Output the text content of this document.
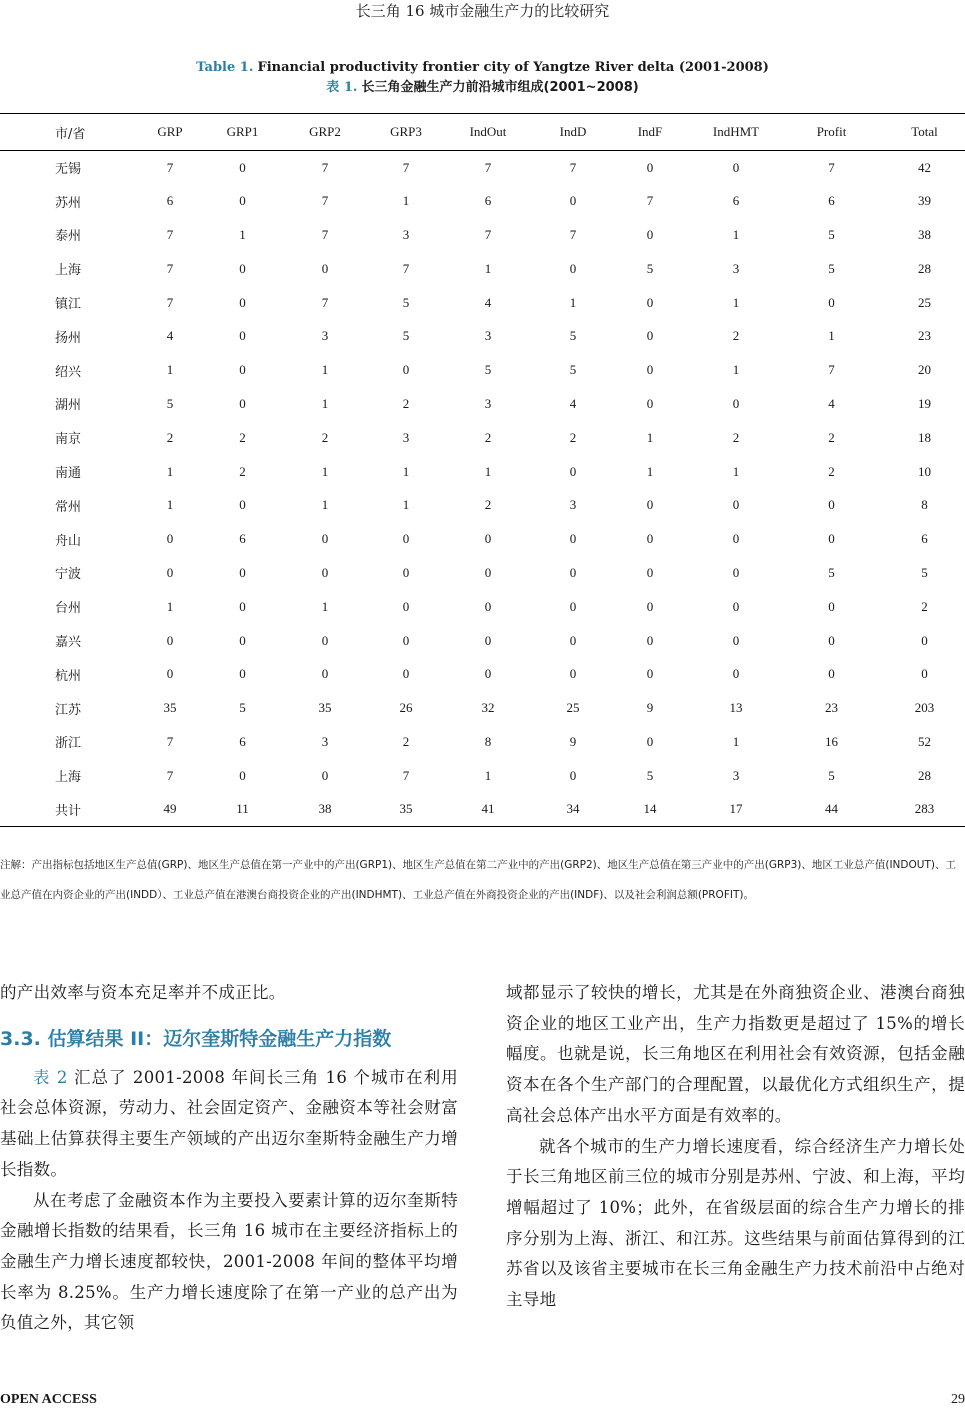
长三角 16 城市金融生产力的比较研究
Table 1. Financial productivity frontier city of Yangtze River delta (2001-2008)
表 1. 长三角金融生产力前沿城市组成(2001~2008)
市/省	GRP	GRP1	GRP2	GRP3	IndOut	IndD	IndF	IndHMT	Profit	Total
无锡	7	0	7	7	7	7	0	0	7	42
苏州	6	0	7	1	6	0	7	6	6	39
泰州	7	1	7	3	7	7	0	1	5	38
上海	7	0	0	7	1	0	5	3	5	28
镇江	7	0	7	5	4	1	0	1	0	25
扬州	4	0	3	5	3	5	0	2	1	23
绍兴	1	0	1	0	5	5	0	1	7	20
湖州	5	0	1	2	3	4	0	0	4	19
南京	2	2	2	3	2	2	1	2	2	18
南通	1	2	1	1	1	0	1	1	2	10
常州	1	0	1	1	2	3	0	0	0	8
舟山	0	6	0	0	0	0	0	0	0	6
宁波	0	0	0	0	0	0	0	0	5	5
台州	1	0	1	0	0	0	0	0	0	2
嘉兴	0	0	0	0	0	0	0	0	0	0
杭州	0	0	0	0	0	0	0	0	0	0
江苏	35	5	35	26	32	25	9	13	23	203
浙江	7	6	3	2	8	9	0	1	16	52
上海	7	0	0	7	1	0	5	3	5	28
共计	49	11	38	35	41	34	14	17	44	283

注解：产出指标包括地区生产总值(GRP)、地区生产总值在第一产业中的产出(GRP1)、地区生产总值在第二产业中的产出(GRP2)、地区生产总值在第三产业中的产出(GRP3)、地区工业总产值(INDOUT)、工业总产值在内资企业的产出(INDD）、工业总产值在港澳台商投资企业的产出(INDHMT)、工业总产值在外商投资企业的产出(INDF)、以及社会利润总额(PROFIT)。

的产出效率与资本充足率并不成正比。

3.3. 估算结果 II：迈尔奎斯特金融生产力指数

表 2 汇总了 2001-2008 年间长三角 16 个城市在利用社会总体资源，劳动力、社会固定资产、金融资本等社会财富基础上估算获得主要生产领域的产出迈尔奎斯特金融生产力增长指数。

从在考虑了金融资本作为主要投入要素计算的迈尔奎斯特金融增长指数的结果看，长三角 16 城市在主要经济指标上的金融生产力增长速度都较快，2001-2008 年间的整体平均增长率为 8.25%。生产力增长速度除了在第一产业的总产出为负值之外，其它领

域都显示了较快的增长，尤其是在外商独资企业、港澳台商独资企业的地区工业产出，生产力指数更是超过了 15%的增长幅度。也就是说，长三角地区在利用社会有效资源，包括金融资本在各个生产部门的合理配置，以最优化方式组织生产，提高社会总体产出水平方面是有效率的。

就各个城市的生产力增长速度看，综合经济生产力增长处于长三角地区前三位的城市分别是苏州、宁波、和上海，平均增幅超过了 10%；此外，在省级层面的综合生产力增长的排序分别为上海、浙江、和江苏。这些结果与前面估算得到的江苏省以及该省主要城市在长三角金融生产力技术前沿中占绝对主导地

OPEN ACCESS	29
